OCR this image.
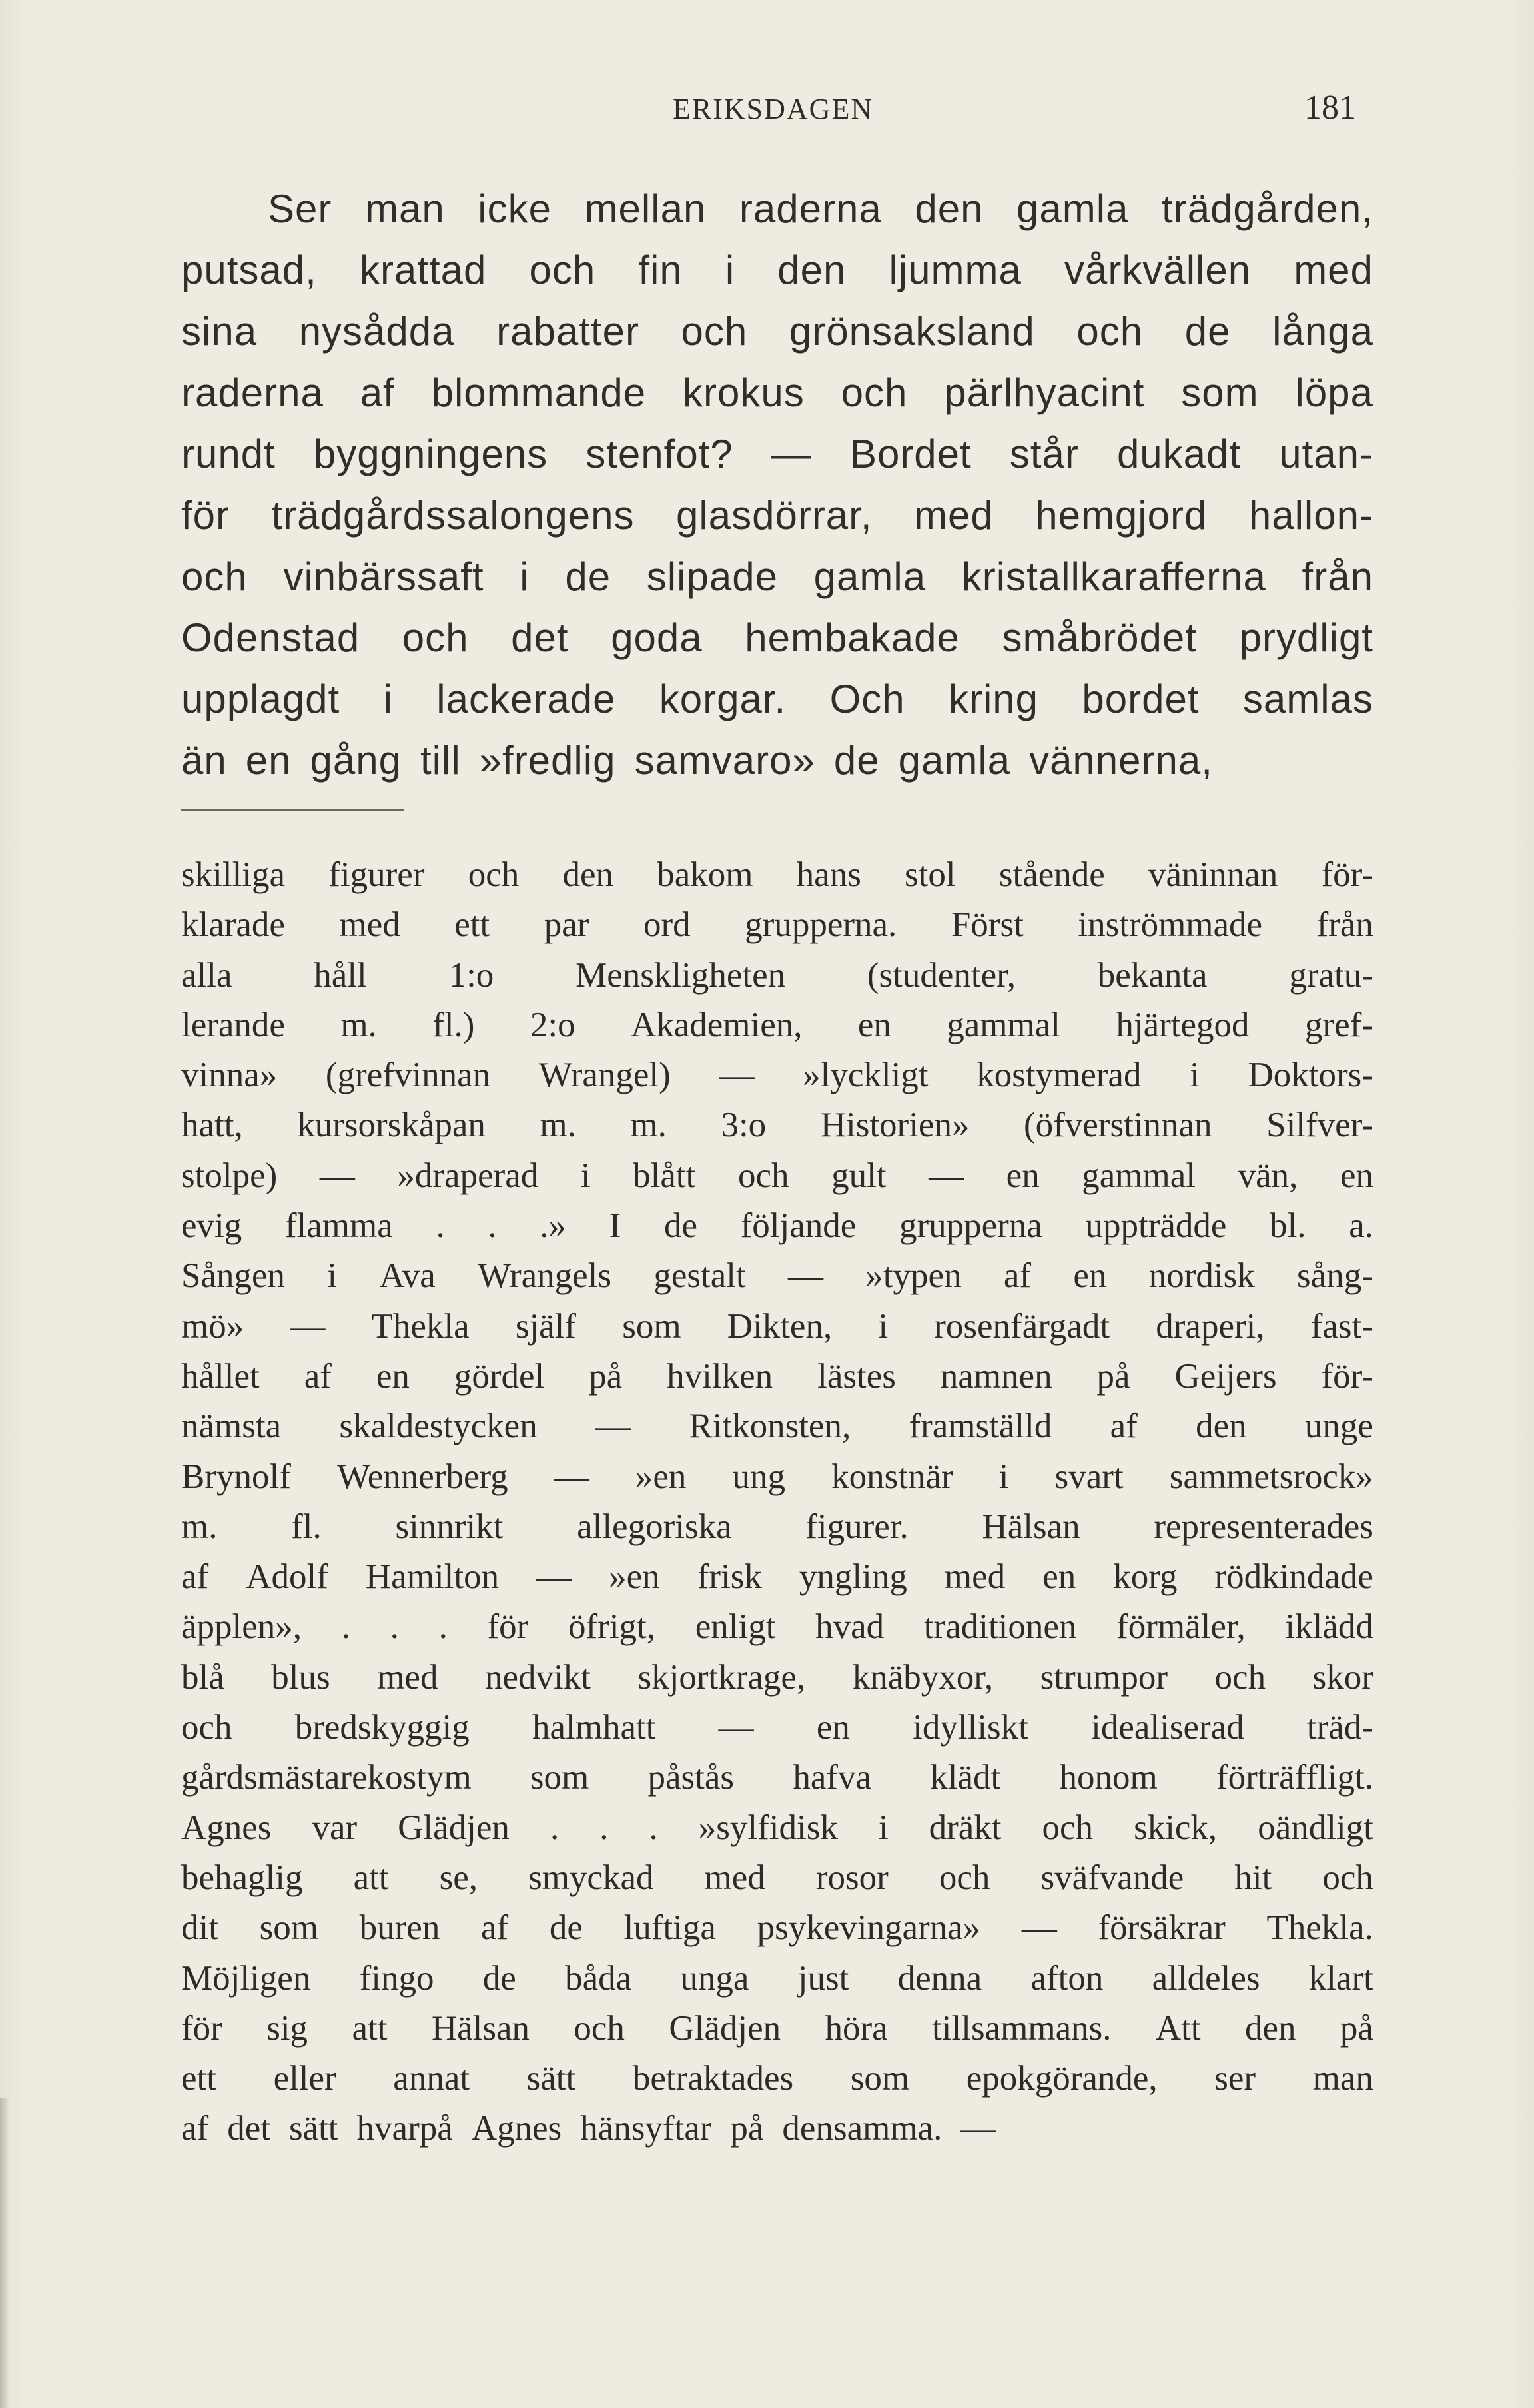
ERIKSDAGEN	181
Ser man icke mellan raderna den gamla trädgården,
putsad, krattad och fin i den ljumma vårkvällen med
sina nysådda rabatter och grönsaksland och de långa
raderna af blommande krokus och pärlhyacint som löpa
rundt byggningens stenfot? — Bordet står dukadt utan-
för trädgårdssalongens glasdörrar, med hemgjord hallon-
och vinbärssaft i de slipade gamla kristallkarafferna från
Odenstad och det goda hembakade småbrödet prydligt
upplagdt i lackerade korgar. Och kring bordet samlas
än en gång till »fredlig samvaro» de gamla vännerna,
skilliga figurer och den bakom hans stol stående väninnan för-
klarade med ett par ord grupperna. Först inströmmade från
alla håll 1:o Menskligheten (studenter, bekanta gratu-
lerande m. fl.) 2:o Akademien, en gammal hjärtegod gref-
vinna» (grefvinnan Wrangel) — »lyckligt kostymerad i Doktors-
hatt, kursorskåpan m. m. 3:o Historien» (öfverstinnan Silfver-
stolpe) — »draperad i blått och gult — en gammal vän, en
evig flamma . . .» I de följande grupperna uppträdde bl. a.
Sången i Ava Wrangels gestalt — »typen af en nordisk sång-
mö» — Thekla själf som Dikten, i rosenfärgadt draperi, fast-
hållet af en gördel på hvilken lästes namnen på Geijers för-
nämsta skaldestycken — Ritkonsten, framställd af den unge
Brynolf Wennerberg — »en ung konstnär i svart sammetsrock»
m. fl. sinnrikt allegoriska figurer. Hälsan representerades
af Adolf Hamilton — »en frisk yngling med en korg rödkindade
äpplen», . . . för öfrigt, enligt hvad traditionen förmäler, iklädd
blå blus med nedvikt skjortkrage, knäbyxor, strumpor och skor
och bredskyggig halmhatt — en idylliskt idealiserad träd-
gårdsmästarekostym som påstås hafva klädt honom förträffligt.
Agnes var Glädjen . . . »sylfidisk i dräkt och skick, oändligt
behaglig att se, smyckad med rosor och sväfvande hit och
dit som buren af de luftiga psykevingarna» — försäkrar Thekla.
Möjligen fingo de båda unga just denna afton alldeles klart
för sig att Hälsan och Glädjen höra tillsammans. Att den på
ett eller annat sätt betraktades som epokgörande, ser man
af det sätt hvarpå Agnes hänsyftar på densamma. —
